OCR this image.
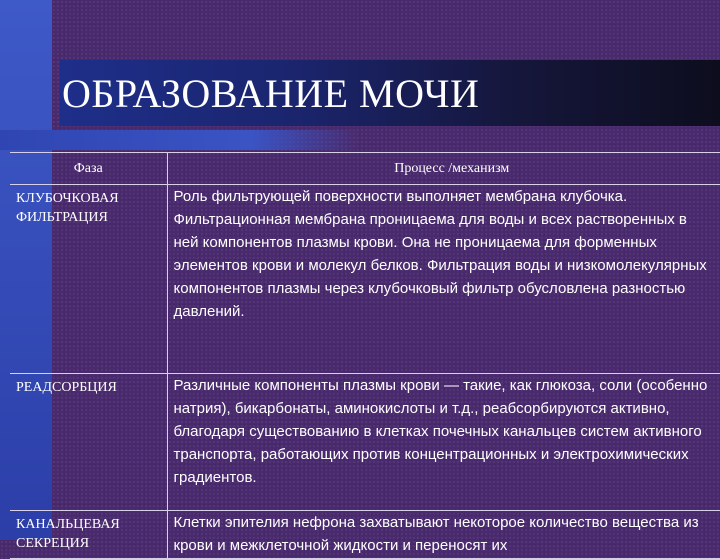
ОБРАЗОВАНИЕ МОЧИ
Фаза	Процесс /механизм
КЛУБОЧКОВАЯ ФИЛЬТРАЦИЯ	Роль фильтрующей поверхности выполняет мембрана клубочка. Фильтрационная мембрана проницаема для воды и всех растворенных в ней компонентов плазмы крови. Она не проницаема для форменных элементов крови и молекул белков. Фильтрация воды и низкомолекулярных компонентов плазмы через клубочковый фильтр обусловлена разностью давлений.
РЕАДСОРБЦИЯ	Различные компоненты плазмы крови — такие, как глюкоза, соли (особенно натрия), бикарбонаты, аминокислоты и т.д., реабсорбируются активно, благодаря существованию в клетках почечных канальцев систем активного транспорта, работающих против концентрационных и электрохимических градиентов.
КАНАЛЬЦЕВАЯ СЕКРЕЦИЯ	Клетки эпителия нефрона захватывают некоторое количество вещества из крови и межклеточной жидкости и переносят их
